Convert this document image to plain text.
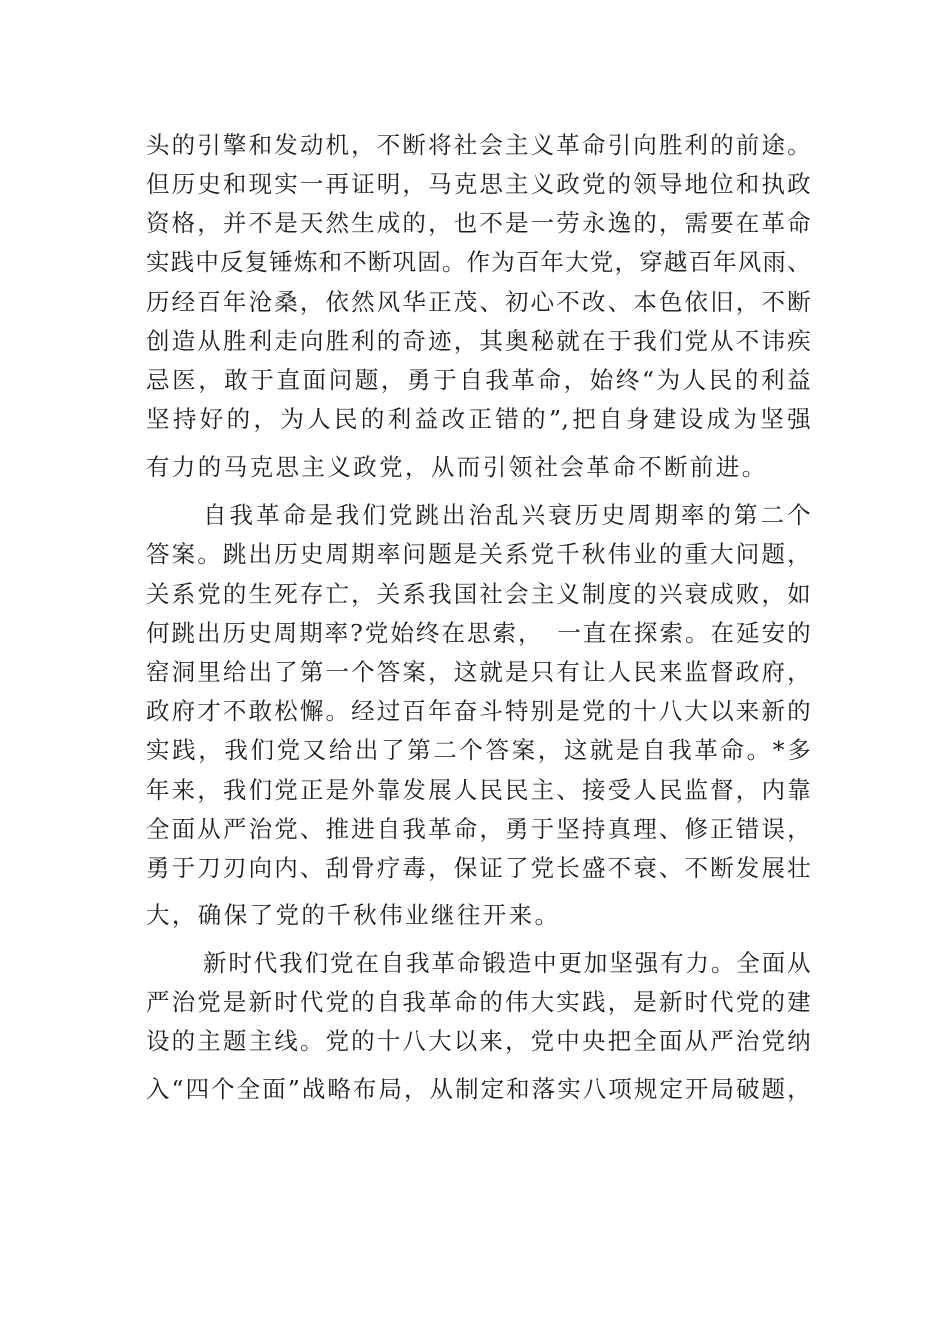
头的引擎和发动机，不断将社会主义革命引向胜利的前途。
但历史和现实一再证明，马克思主义政党的领导地位和执政
资格，并不是天然生成的，也不是一劳永逸的，需要在革命
实践中反复锤炼和不断巩固。作为百年大党，穿越百年风雨、
历经百年沧桑，依然风华正茂、初心不改、本色依旧，不断
创造从胜利走向胜利的奇迹，其奥秘就在于我们党从不讳疾
忌医，敢于直面问题，勇于自我革命，始终“为人民的利益
坚持好的，为人民的利益改正错的”,把自身建设成为坚强
有力的马克思主义政党，从而引领社会革命不断前进。
自我革命是我们党跳出治乱兴衰历史周期率的第二个
答案。跳出历史周期率问题是关系党千秋伟业的重大问题，
关系党的生死存亡，关系我国社会主义制度的兴衰成败，如
何跳出历史周期率?党始终在思索，　一直在探索。在延安的
窑洞里给出了第一个答案，这就是只有让人民来监督政府，
政府才不敢松懈。经过百年奋斗特别是党的十八大以来新的
实践，我们党又给出了第二个答案，这就是自我革命。*多
年来，我们党正是外靠发展人民民主、接受人民监督，内靠
全面从严治党、推进自我革命，勇于坚持真理、修正错误，
勇于刀刃向内、刮骨疗毒，保证了党长盛不衰、不断发展壮
大，确保了党的千秋伟业继往开来。
新时代我们党在自我革命锻造中更加坚强有力。全面从
严治党是新时代党的自我革命的伟大实践，是新时代党的建
设的主题主线。党的十八大以来，党中央把全面从严治党纳
入“四个全面”战略布局，从制定和落实八项规定开局破题，
